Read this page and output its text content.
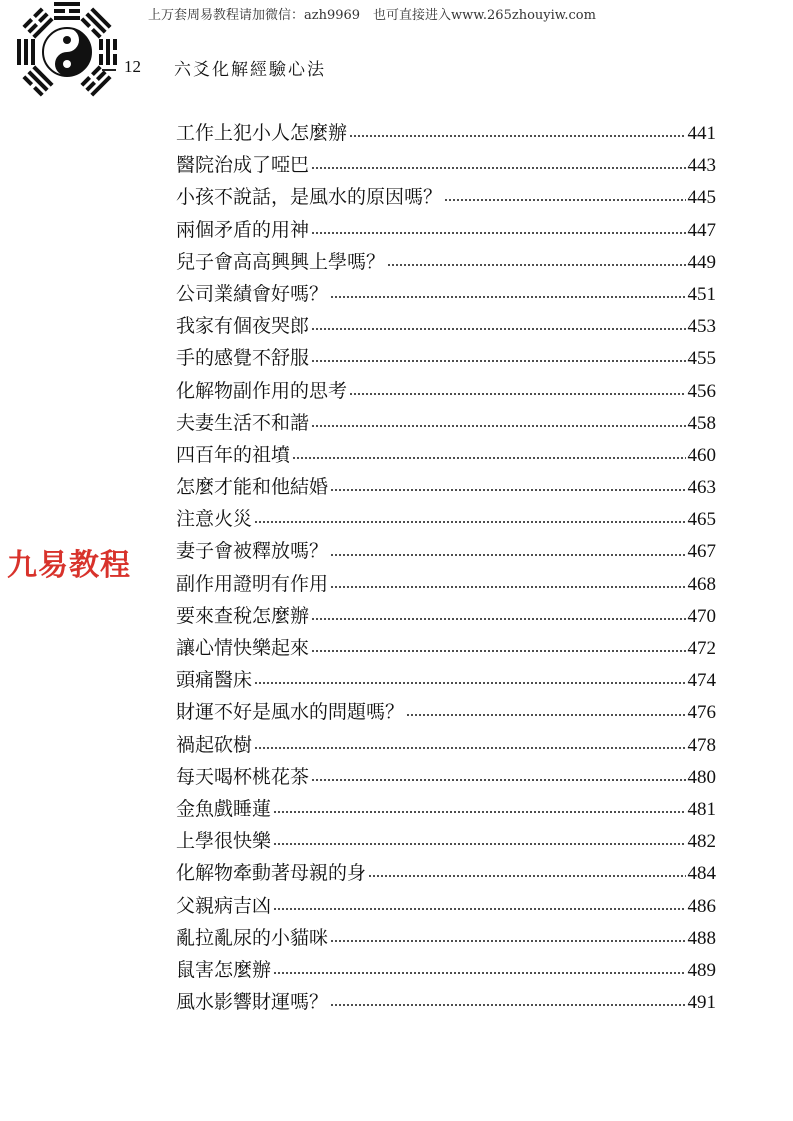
上万套周易教程请加微信：azh9969　也可直接进入www.265zhouyiw.com
12 六爻化解經驗心法
九易教程
工作上犯小人怎麼辦	441
醫院治成了啞巴	443
小孩不說話，是風水的原因嗎？	445
兩個矛盾的用神	447
兒子會高高興興上學嗎？	449
公司業績會好嗎？	451
我家有個夜哭郎	453
手的感覺不舒服	455
化解物副作用的思考	456
夫妻生活不和諧	458
四百年的祖墳	460
怎麼才能和他結婚	463
注意火災	465
妻子會被釋放嗎？	467
副作用證明有作用	468
要來查稅怎麼辦	470
讓心情快樂起來	472
頭痛醫床	474
財運不好是風水的問題嗎？	476
禍起砍樹	478
每天喝杯桃花茶	480
金魚戲睡蓮	481
上學很快樂	482
化解物牽動著母親的身	484
父親病吉凶	486
亂拉亂尿的小貓咪	488
鼠害怎麼辦	489
風水影響財運嗎？	491
